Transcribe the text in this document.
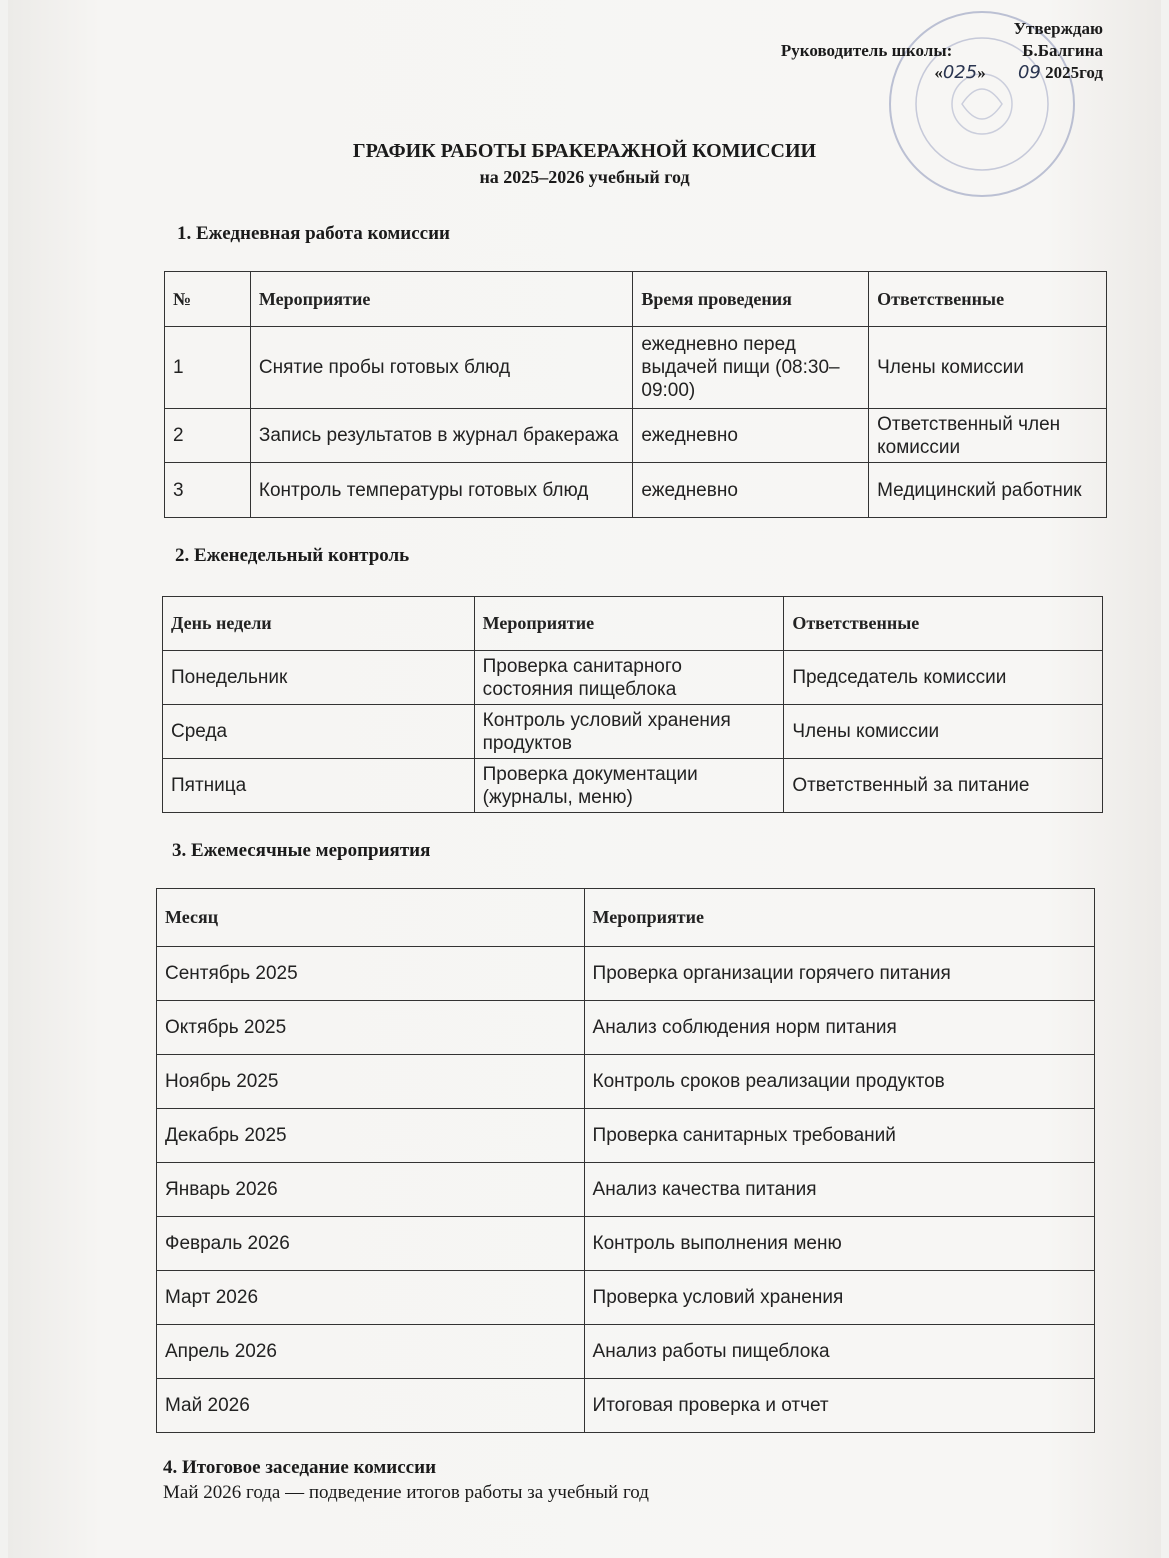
Утверждаю
Руководитель школы:	Б.Балгина
«025» 09 2025год
ГРАФИК РАБОТЫ БРАКЕРАЖНОЙ КОМИССИИ
на 2025–2026 учебный год
1. Ежедневная работа комиссии
№	Мероприятие	Время проведения	Ответственные
1	Снятие пробы готовых блюд	ежедневно перед выдачей пищи (08:30–09:00)	Члены комиссии
2	Запись результатов в журнал бракеража	ежедневно	Ответственный член комиссии
3	Контроль температуры готовых блюд	ежедневно	Медицинский работник
2. Еженедельный контроль
День недели	Мероприятие	Ответственные
Понедельник	Проверка санитарного состояния пищеблока	Председатель комиссии
Среда	Контроль условий хранения продуктов	Члены комиссии
Пятница	Проверка документации (журналы, меню)	Ответственный за питание
3. Ежемесячные мероприятия
Месяц	Мероприятие
Сентябрь 2025	Проверка организации горячего питания
Октябрь 2025	Анализ соблюдения норм питания
Ноябрь 2025	Контроль сроков реализации продуктов
Декабрь 2025	Проверка санитарных требований
Январь 2026	Анализ качества питания
Февраль 2026	Контроль выполнения меню
Март 2026	Проверка условий хранения
Апрель 2026	Анализ работы пищеблока
Май 2026	Итоговая проверка и отчет
4. Итоговое заседание комиссии
Май 2026 года — подведение итогов работы за учебный год
